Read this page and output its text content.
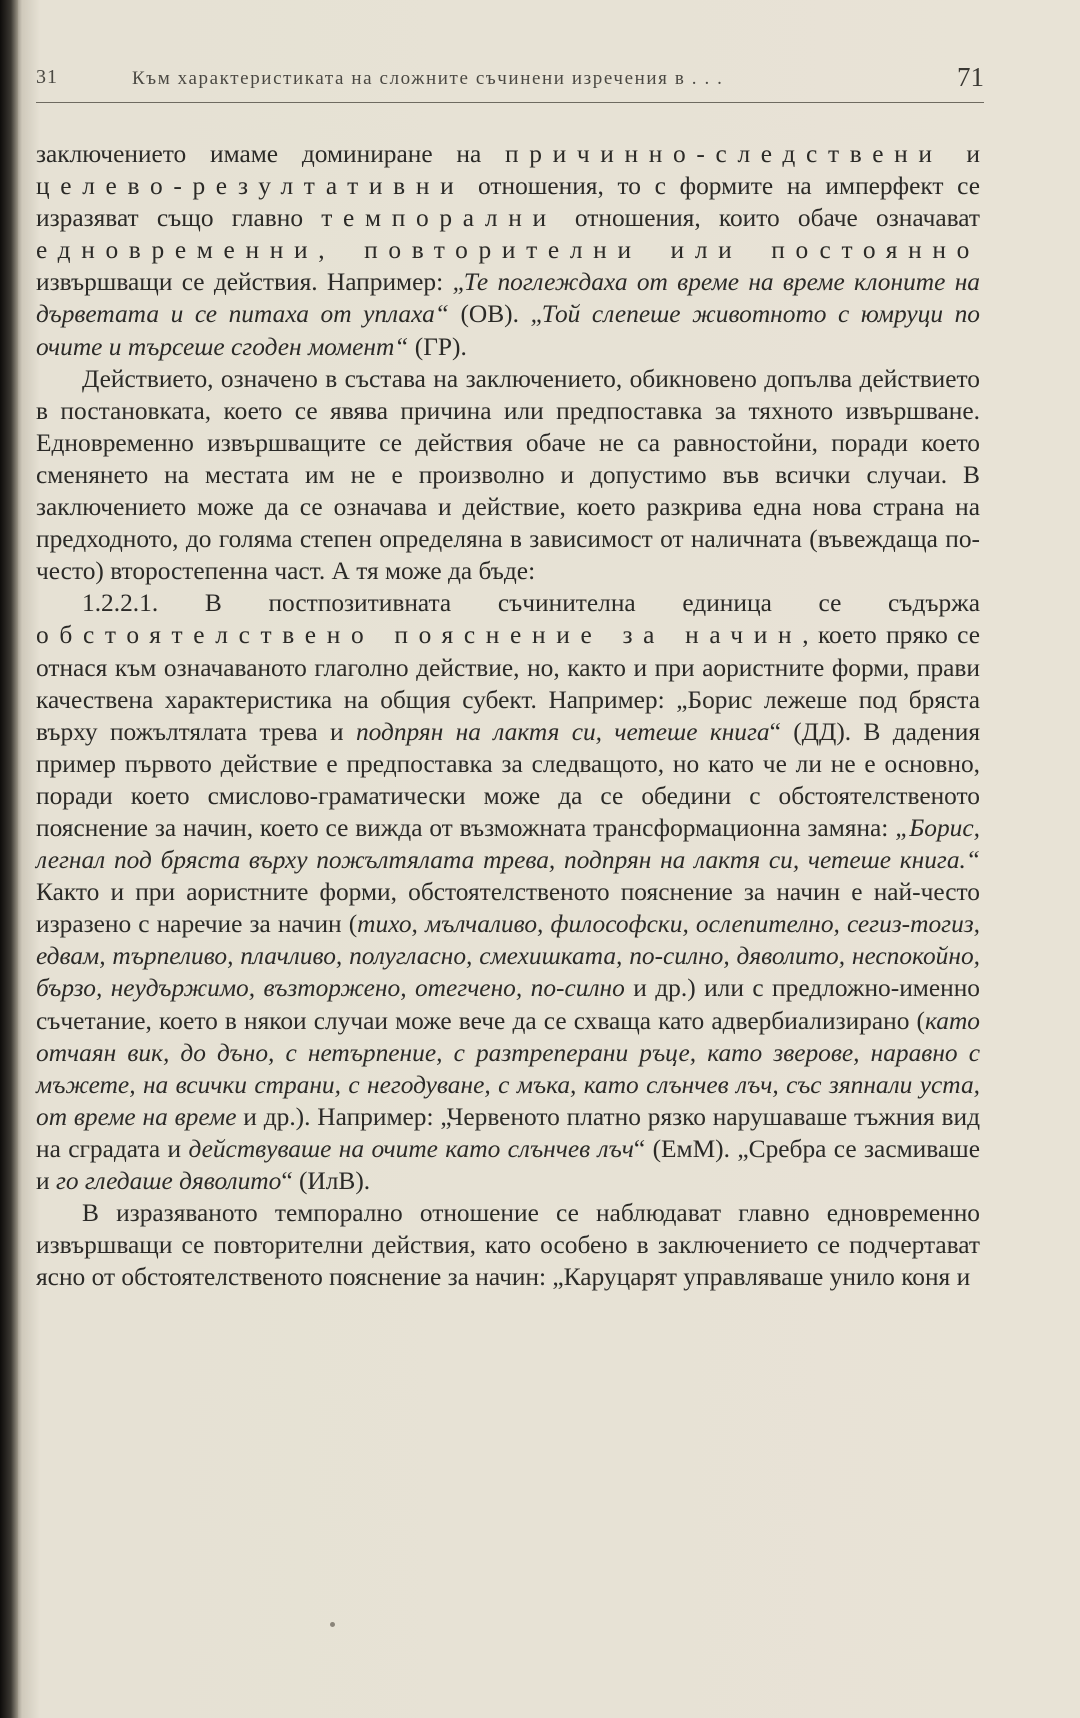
31	Към характеристиката на сложните съчинени изречения в . . .	71

заключението имаме доминиране на причинно-следствени и целево-резултативни отношения, то с формите на имперфект се изразяват също главно темпорални отношения, които обаче означават едновременни, повторителни или постоянно извършващи се действия. Например: „Те поглеждаха от време на време клоните на дърветата и се питаха от уплаха“ (ОВ). „Той слепеше животното с юмруци по очите и търсеше сгоден момент“ (ГР).

Действието, означено в състава на заключението, обикновено допълва действието в постановката, което се явява причина или предпоставка за тяхното извършване. Едновременно извършващите се действия обаче не са равностойни, поради което сменянето на местата им не е произволно и допустимо във всички случаи. В заключението може да се означава и действие, което разкрива една нова страна на предходното, до голяма степен определяна в зависимост от наличната (въвеждаща по-често) второстепенна част. А тя може да бъде:

1.2.2.1. В постпозитивната съчинителна единица се съдържа обстоятелствено пояснение за начин, което пряко се отнася към означаваното глаголно действие, но, както и при аористните форми, прави качествена характеристика на общия субект. Например: „Борис лежеше под бряста върху пожълтялата трева и подпрян на лактя си, четеше книга“ (ДД). В дадения пример първото действие е предпоставка за следващото, но като че ли не е основно, поради което смислово-граматически може да се обедини с обстоятелственото пояснение за начин, което се вижда от възможната трансформационна замяна: „Борис, легнал под бряста върху пожълтялата трева, подпрян на лактя си, четеше книга.“ Както и при аористните форми, обстоятелственото пояснение за начин е най-често изразено с наречие за начин (тихо, мълчаливо, философски, ослепително, сегиз-тогиз, едвам, търпеливо, плачливо, полугласно, смехишката, по-силно, дяволито, неспокойно, бързо, неудържимо, възторжено, отегчено, по-силно и др.) или с предложно-именно съчетание, което в някои случаи може вече да се схваща като адвербиализирано (като отчаян вик, до дъно, с нетърпение, с разтреперани ръце, като зверове, наравно с мъжете, на всички страни, с негодуване, с мъка, като слънчев лъч, със зяпнали уста, от време на време и др.). Например: „Червеното платно рязко нарушаваше тъжния вид на сградата и действуваше на очите като слънчев лъч“ (ЕмМ). „Сребра се засмиваше и го гледаше дяволито“ (ИлВ).

В изразяваното темпорално отношение се наблюдават главно едновременно извършващи се повторителни действия, като особено в заключението се подчертават ясно от обстоятелственото пояснение за начин: „Каруцарят управляваше унило коня и
